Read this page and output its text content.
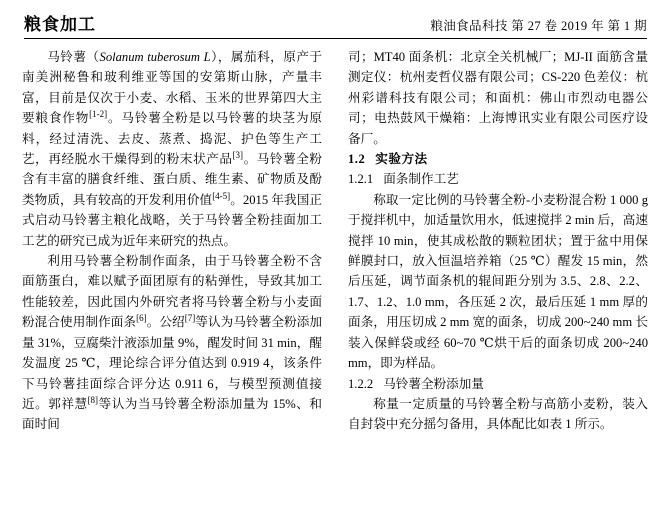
粮食加工	粮油食品科技 第 27 卷 2019 年 第 1 期

马铃薯（Solanum tuberosum L），属茄科，原产于南美洲秘鲁和玻利维亚等国的安第斯山脉，产量丰富，目前是仅次于小麦、水稻、玉米的世界第四大主要粮食作物[1-2]。马铃薯全粉是以马铃薯的块茎为原料，经过清洗、去皮、蒸煮、捣泥、护色等生产工艺，再经脱水干燥得到的粉末状产品[3]。马铃薯全粉含有丰富的膳食纤维、蛋白质、维生素、矿物质及酚类物质，具有较高的开发利用价值[4-5]。2015 年我国正式启动马铃薯主粮化战略，关于马铃薯全粉挂面加工工艺的研究已成为近年来研究的热点。

利用马铃薯全粉制作面条，由于马铃薯全粉不含面筋蛋白，难以赋予面团原有的粘弹性，导致其加工性能较差，因此国内外研究者将马铃薯全粉与小麦面粉混合使用制作面条[6]。公绍[7]等认为马铃薯全粉添加量 31%，豆腐柴汁液添加量 9%，醒发时间 31 min，醒发温度 25 ℃，理论综合评分值达到 0.919 4，该条件下马铃薯挂面综合评分达 0.911 6，与模型预测值接近。郭祥慧[8]等认为当马铃薯全粉添加量为 15%、和面时间

司；MT40 面条机：北京全关机械厂；MJ-II 面筋含量测定仪：杭州麦哲仪器有限公司；CS-220 色差仪：杭州彩谱科技有限公司；和面机：佛山市烈动电器公司；电热鼓风干燥箱：上海博讯实业有限公司医疗设备厂。

1.2 实验方法

1.2.1 面条制作工艺

称取一定比例的马铃薯全粉-小麦粉混合粉 1 000 g 于搅拌机中，加适量饮用水，低速搅拌 2 min 后，高速搅拌 10 min，使其成松散的颗粒团状；置于盆中用保鲜膜封口，放入恒温培养箱（25 ℃）醒发 15 min，然后压延，调节面条机的辊间距分别为 3.5、2.8、2.2、1.7、1.2、1.0 mm，各压延 2 次，最后压延 1 mm 厚的面条，用压切成 2 mm 宽的面条，切成 200~240 mm 长装入保鲜袋或经 60~70 ℃烘干后的面条切成 200~240 mm，即为样品。

1.2.2 马铃薯全粉添加量

称量一定质量的马铃薯全粉与高筋小麦粉，装入自封袋中充分摇匀备用，具体配比如表 1 所示。
